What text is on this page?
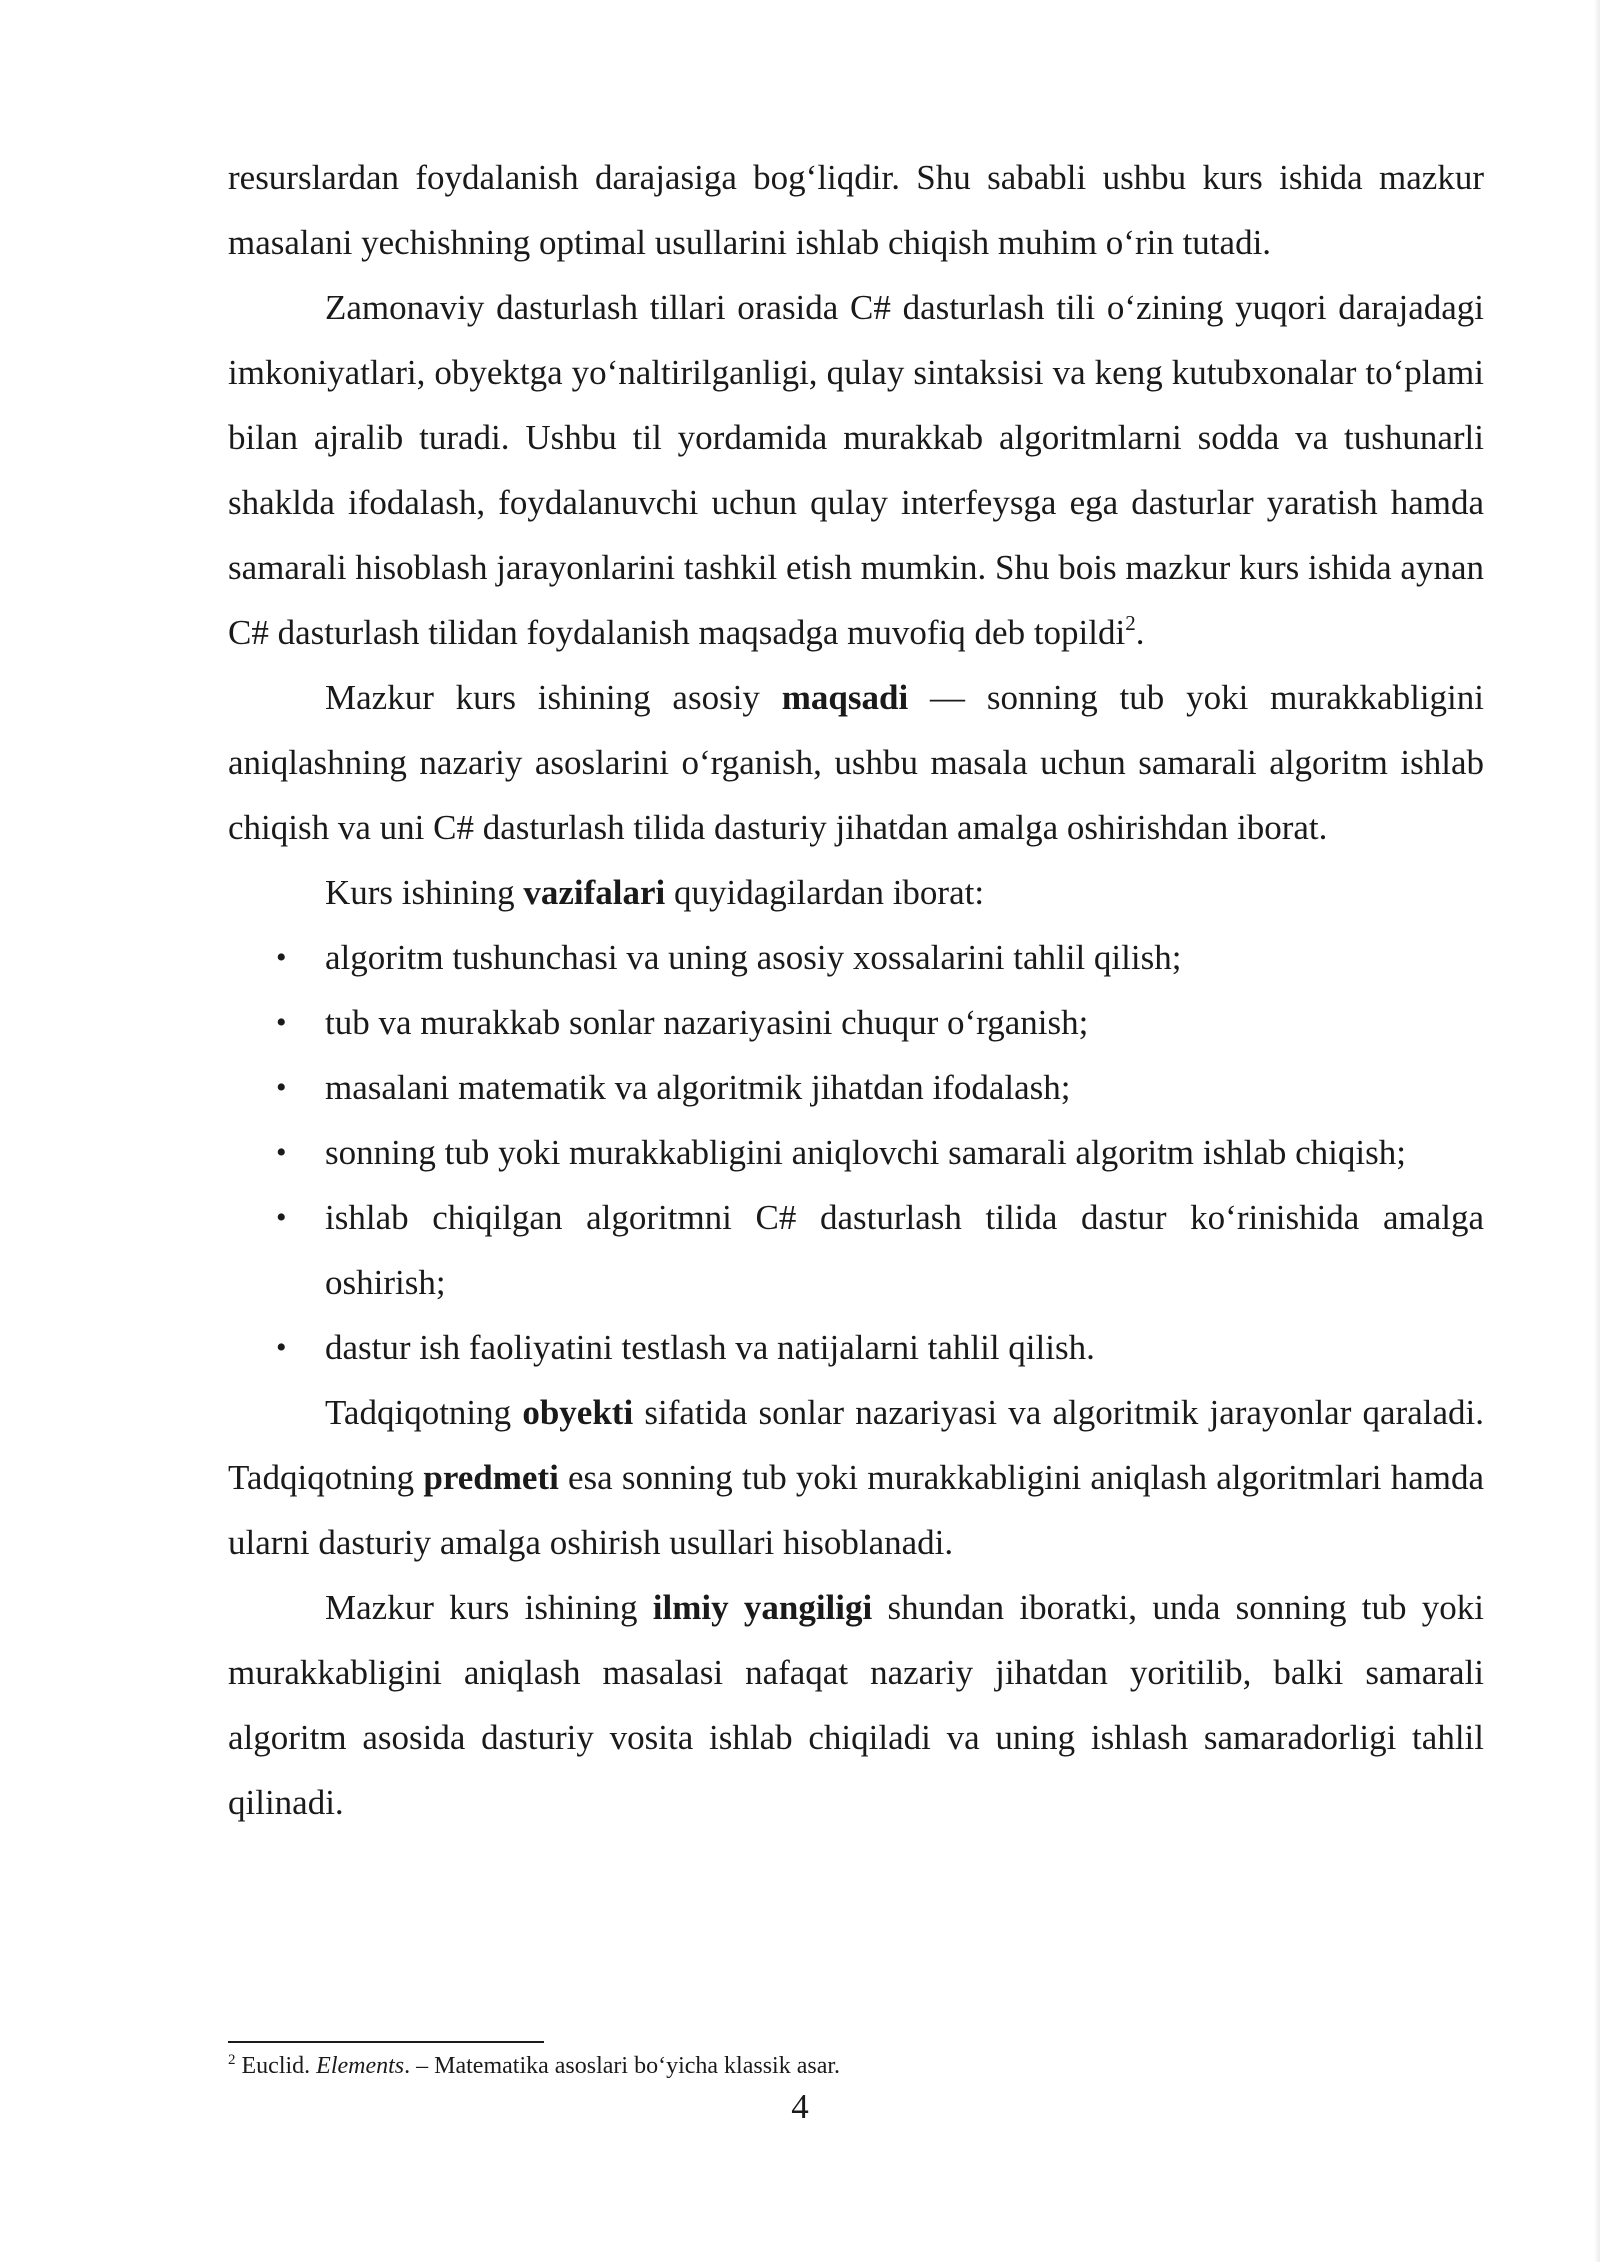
resurslardan foydalanish darajasiga bog‘liqdir. Shu sababli ushbu kurs ishida mazkur masalani yechishning optimal usullarini ishlab chiqish muhim o‘rin tutadi.

Zamonaviy dasturlash tillari orasida C# dasturlash tili o‘zining yuqori darajadagi imkoniyatlari, obyektga yo‘naltirilganligi, qulay sintaksisi va keng kutubxonalar to‘plami bilan ajralib turadi. Ushbu til yordamida murakkab algoritmlarni sodda va tushunarli shaklda ifodalash, foydalanuvchi uchun qulay interfeysga ega dasturlar yaratish hamda samarali hisoblash jarayonlarini tashkil etish mumkin. Shu bois mazkur kurs ishida aynan C# dasturlash tilidan foydalanish maqsadga muvofiq deb topildi$^2$.

Mazkur kurs ishining asosiy maqsadi — sonning tub yoki murakkabligini aniqlashning nazariy asoslarini o‘rganish, ushbu masala uchun samarali algoritm ishlab chiqish va uni C# dasturlash tilida dasturiy jihatdan amalga oshirishdan iborat.

Kurs ishining vazifalari quyidagilardan iborat:

• algoritm tushunchasi va uning asosiy xossalarini tahlil qilish;
• tub va murakkab sonlar nazariyasini chuqur o‘rganish;
• masalani matematik va algoritmik jihatdan ifodalash;
• sonning tub yoki murakkabligini aniqlovchi samarali algoritm ishlab chiqish;
• ishlab chiqilgan algoritmni C# dasturlash tilida dastur ko‘rinishida amalga oshirish;
• dastur ish faoliyatini testlash va natijalarni tahlil qilish.

Tadqiqotning obyekti sifatida sonlar nazariyasi va algoritmik jarayonlar qaraladi. Tadqiqotning predmeti esa sonning tub yoki murakkabligini aniqlash algoritmlari hamda ularni dasturiy amalga oshirish usullari hisoblanadi.

Mazkur kurs ishining ilmiy yangiligi shundan iboratki, unda sonning tub yoki murakkabligini aniqlash masalasi nafaqat nazariy jihatdan yoritilib, balki samarali algoritm asosida dasturiy vosita ishlab chiqiladi va uning ishlash samaradorligi tahlil qilinadi.

$^2$ Euclid. Elements. – Matematika asoslari bo‘yicha klassik asar.
4
